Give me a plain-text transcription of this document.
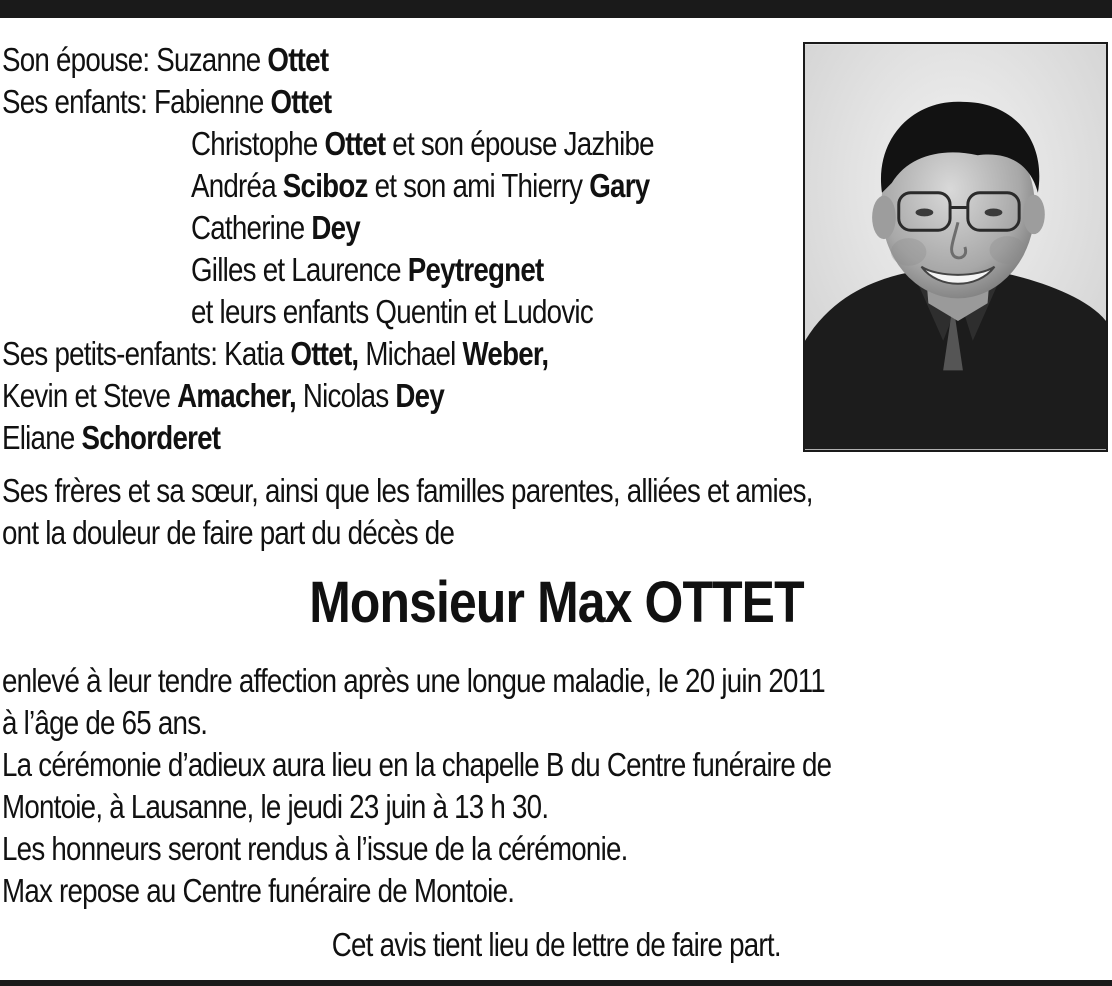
Son épouse: Suzanne Ottet
Ses enfants: Fabienne Ottet
Christophe Ottet et son épouse Jazhibe
Andréa Sciboz et son ami Thierry Gary
Catherine Dey
Gilles et Laurence Peytregnet
et leurs enfants Quentin et Ludovic
Ses petits-enfants: Katia Ottet, Michael Weber,
Kevin et Steve Amacher, Nicolas Dey
Eliane Schorderet
Ses frères et sa sœur, ainsi que les familles parentes, alliées et amies,
ont la douleur de faire part du décès de
Monsieur Max OTTET
enlevé à leur tendre affection après une longue maladie, le 20 juin 2011
à l’âge de 65 ans.
La cérémonie d’adieux aura lieu en la chapelle B du Centre funéraire de
Montoie, à Lausanne, le jeudi 23 juin à 13 h 30.
Les honneurs seront rendus à l’issue de la cérémonie.
Max repose au Centre funéraire de Montoie.
Cet avis tient lieu de lettre de faire part.
